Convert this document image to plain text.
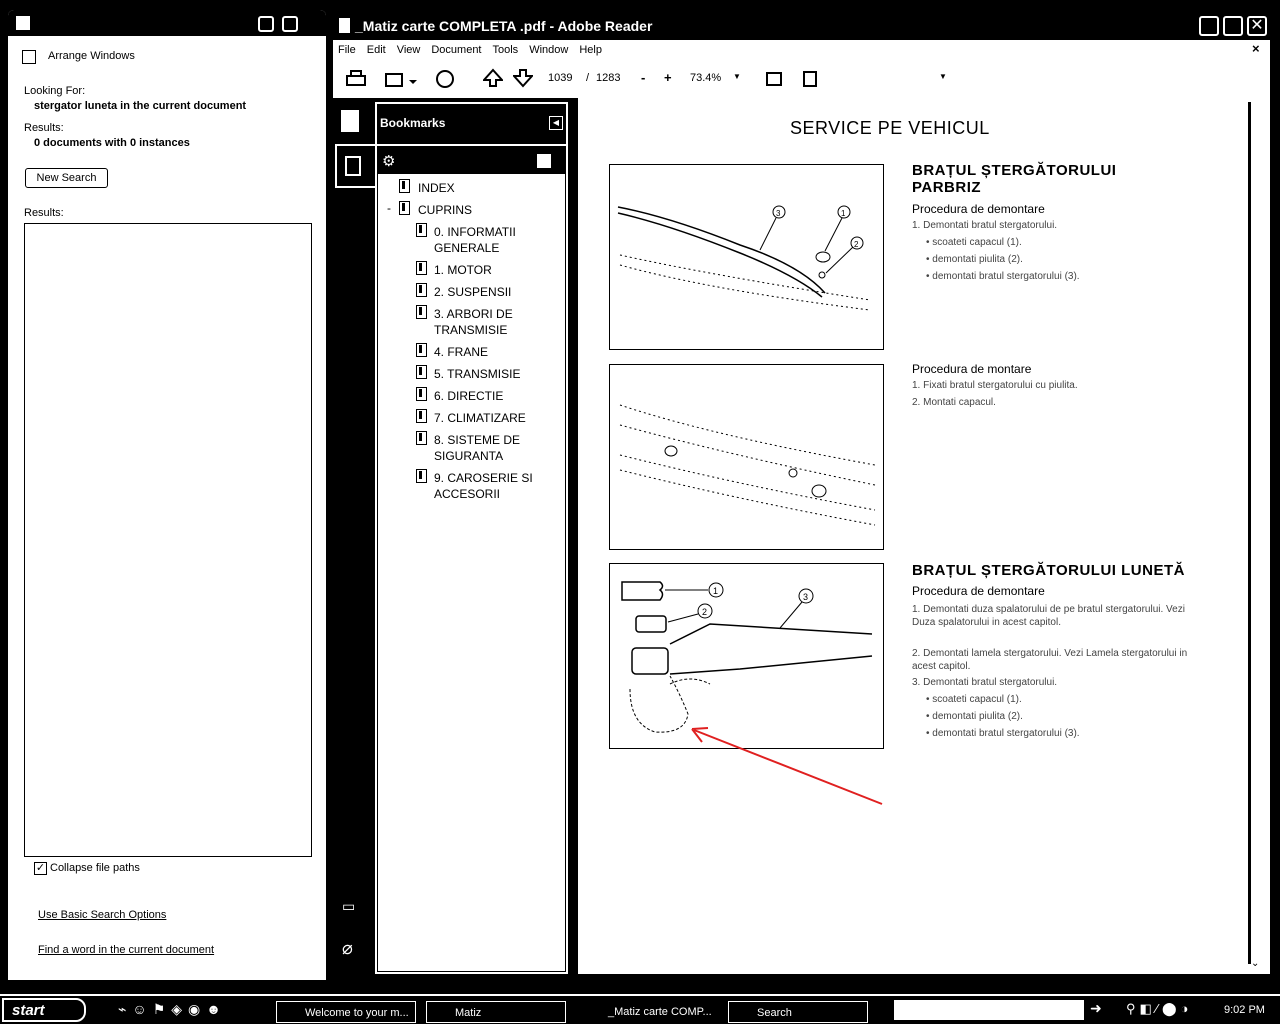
Arrange Windows
Looking For:
stergator luneta in the current document
Results:
0 documents with 0 instances
New Search
Results:
✓ Collapse file paths
Use Basic Search Options
Find a word in the current document
_Matiz carte COMPLETA .pdf - Adobe Reader	✕
File Edit View Document Tools Window Help	×
1039 / 1283 - + 73.4% ▼	▼
▭
⌀
Bookmarks	◀
⚙
INDEX
- CUPRINS
0. INFORMATII GENERALE
1. MOTOR
2. SUSPENSII
3. ARBORI DE TRANSMISIE
4. FRANE
5. TRANSMISIE
6. DIRECTIE
7. CLIMATIZARE
8. SISTEME DE SIGURANTA
9. CAROSERIE SI ACCESORII
SERVICE PE VEHICUL
3	1
2
BRAȚUL ȘTERGĂTORULUI PARBRIZ
Procedura de demontare
1. Demontati bratul stergatorului.
• scoateti capacul (1).
• demontati piulita (2).
• demontati bratul stergatorului (3).
Procedura de montare
1. Fixati bratul stergatorului cu piulita.
2. Montati capacul.
1
2
3
BRAȚUL ȘTERGĂTORULUI LUNETĂ
Procedura de demontare
1. Demontati duza spalatorului de pe bratul stergatorului. Vezi Duza spalatorului in acest capitol.
2. Demontati lamela stergatorului. Vezi Lamela stergatorului in acest capitol.
3. Demontati bratul stergatorului.
• scoateti capacul (1).
• demontati piulita (2).
• demontati bratul stergatorului (3).
⌄
start	⌁☺⚑◈◉☻	Welcome to your m...	Matiz	_Matiz carte COMP...	Search	➜ ⚲◧⁄⬤◑	9:02 PM
